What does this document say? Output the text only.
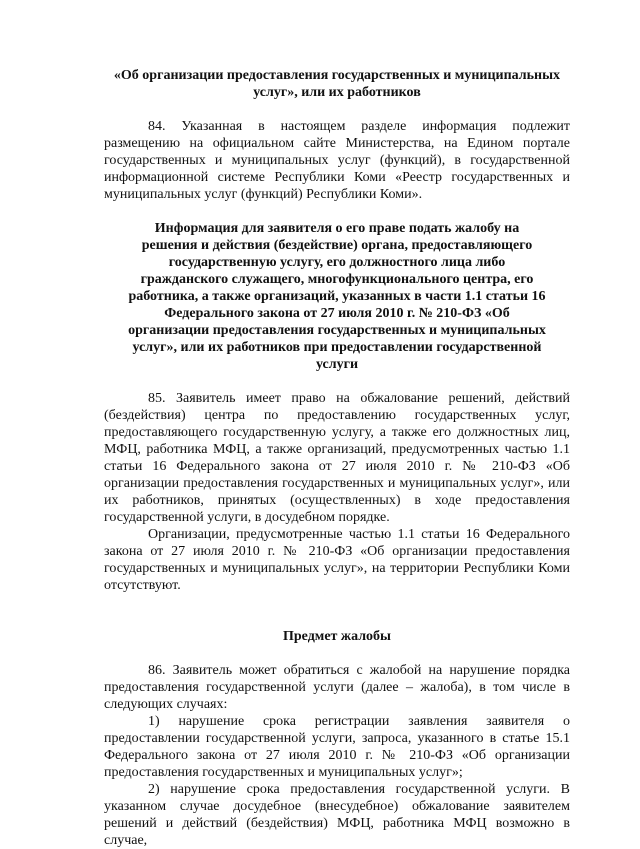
«Об организации предоставления государственных и муниципальных услуг», или их работников

84. Указанная в настоящем разделе информация подлежит размещению на официальном сайте Министерства, на Едином портале государственных и муниципальных услуг (функций), в государственной информационной системе Республики Коми «Реестр государственных и муниципальных услуг (функций) Республики Коми».

Информация для заявителя о его праве подать жалобу на решения и действия (бездействие) органа, предоставляющего государственную услугу, его должностного лица либо гражданского служащего, многофункционального центра, его работника, а также организаций, указанных в части 1.1 статьи 16 Федерального закона от 27 июля 2010 г. № 210-ФЗ «Об организации предоставления государственных и муниципальных услуг», или их работников при предоставлении государственной услуги

85. Заявитель имеет право на обжалование решений, действий (бездействия) центра по предоставлению государственных услуг, предоставляющего государственную услугу, а также его должностных лиц, МФЦ, работника МФЦ, а также организаций, предусмотренных частью 1.1 статьи 16 Федерального закона от 27 июля 2010 г. № 210-ФЗ «Об организации предоставления государственных и муниципальных услуг», или их работников, принятых (осуществленных) в ходе предоставления государственной услуги, в досудебном порядке.

Организации, предусмотренные частью 1.1 статьи 16 Федерального закона от 27 июля 2010 г. № 210-ФЗ «Об организации предоставления государственных и муниципальных услуг», на территории Республики Коми отсутствуют.

Предмет жалобы

86. Заявитель может обратиться с жалобой на нарушение порядка предоставления государственной услуги (далее – жалоба), в том числе в следующих случаях:

1) нарушение срока регистрации заявления заявителя о предоставлении государственной услуги, запроса, указанного в статье 15.1 Федерального закона от 27 июля 2010 г. № 210-ФЗ «Об организации предоставления государственных и муниципальных услуг»;

2) нарушение срока предоставления государственной услуги. В указанном случае досудебное (внесудебное) обжалование заявителем решений и действий (бездействия) МФЦ, работника МФЦ возможно в случае,
